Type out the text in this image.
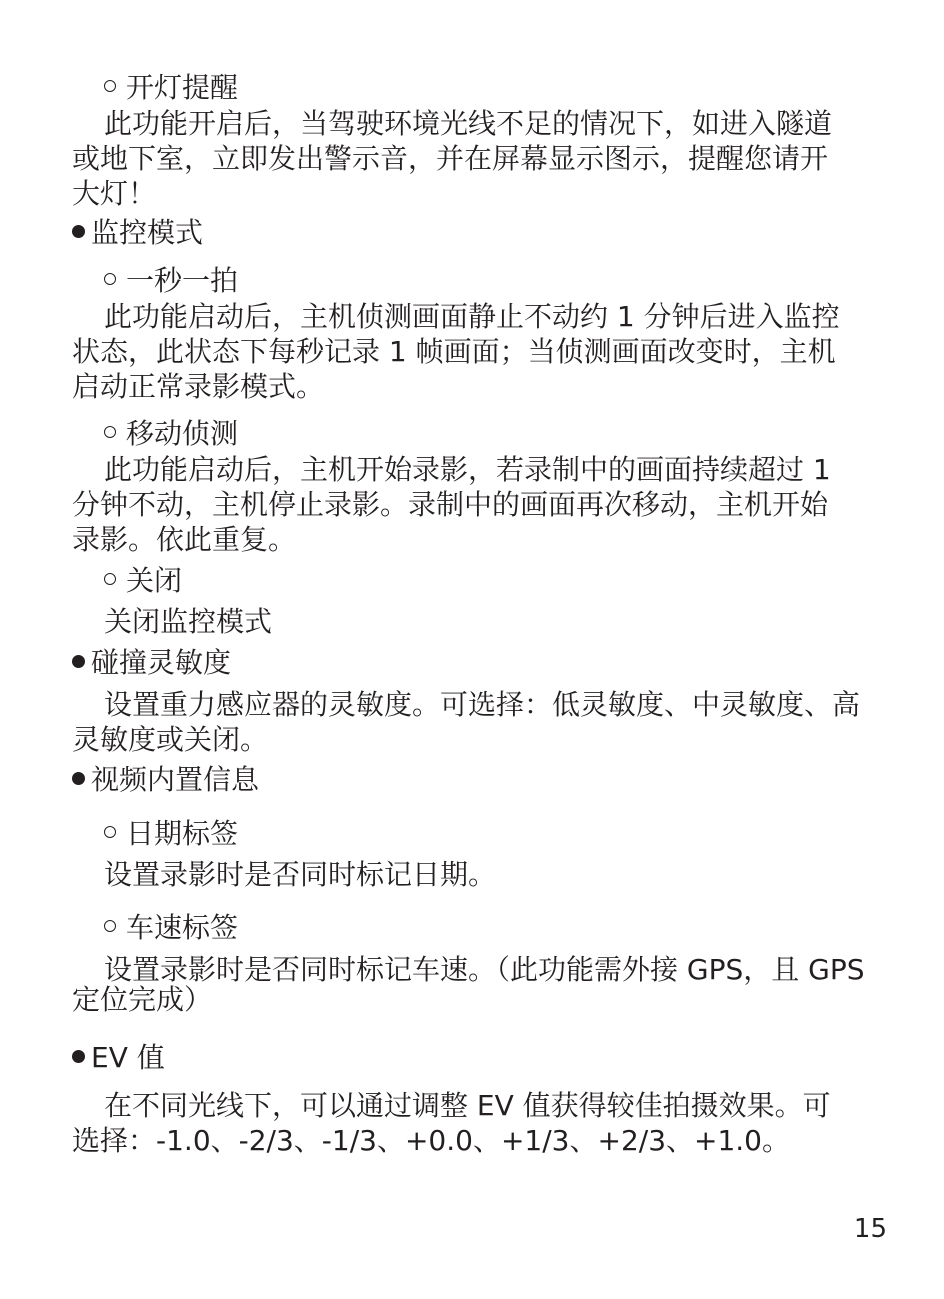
开灯提醒
此功能开启后，当驾驶环境光线不足的情况下，如进入隧道
或地下室，立即发出警示音，并在屏幕显示图示，提醒您请开
大灯！
监控模式
一秒一拍
此功能启动后，主机侦测画面静止不动约 1 分钟后进入监控
状态，此状态下每秒记录 1 帧画面；当侦测画面改变时，主机
启动正常录影模式。
移动侦测
此功能启动后，主机开始录影，若录制中的画面持续超过 1
分钟不动，主机停止录影。录制中的画面再次移动，主机开始
录影。依此重复。
关闭
关闭监控模式
碰撞灵敏度
设置重力感应器的灵敏度。可选择：低灵敏度、中灵敏度、高
灵敏度或关闭。
视频内置信息
日期标签
设置录影时是否同时标记日期。
车速标签
设置录影时是否同时标记车速。（此功能需外接 GPS，且 GPS
定位完成）
EV 值
在不同光线下，可以通过调整 EV 值获得较佳拍摄效果。可
选择：-1.0、-2/3、-1/3、+0.0、+1/3、+2/3、+1.0。
15
